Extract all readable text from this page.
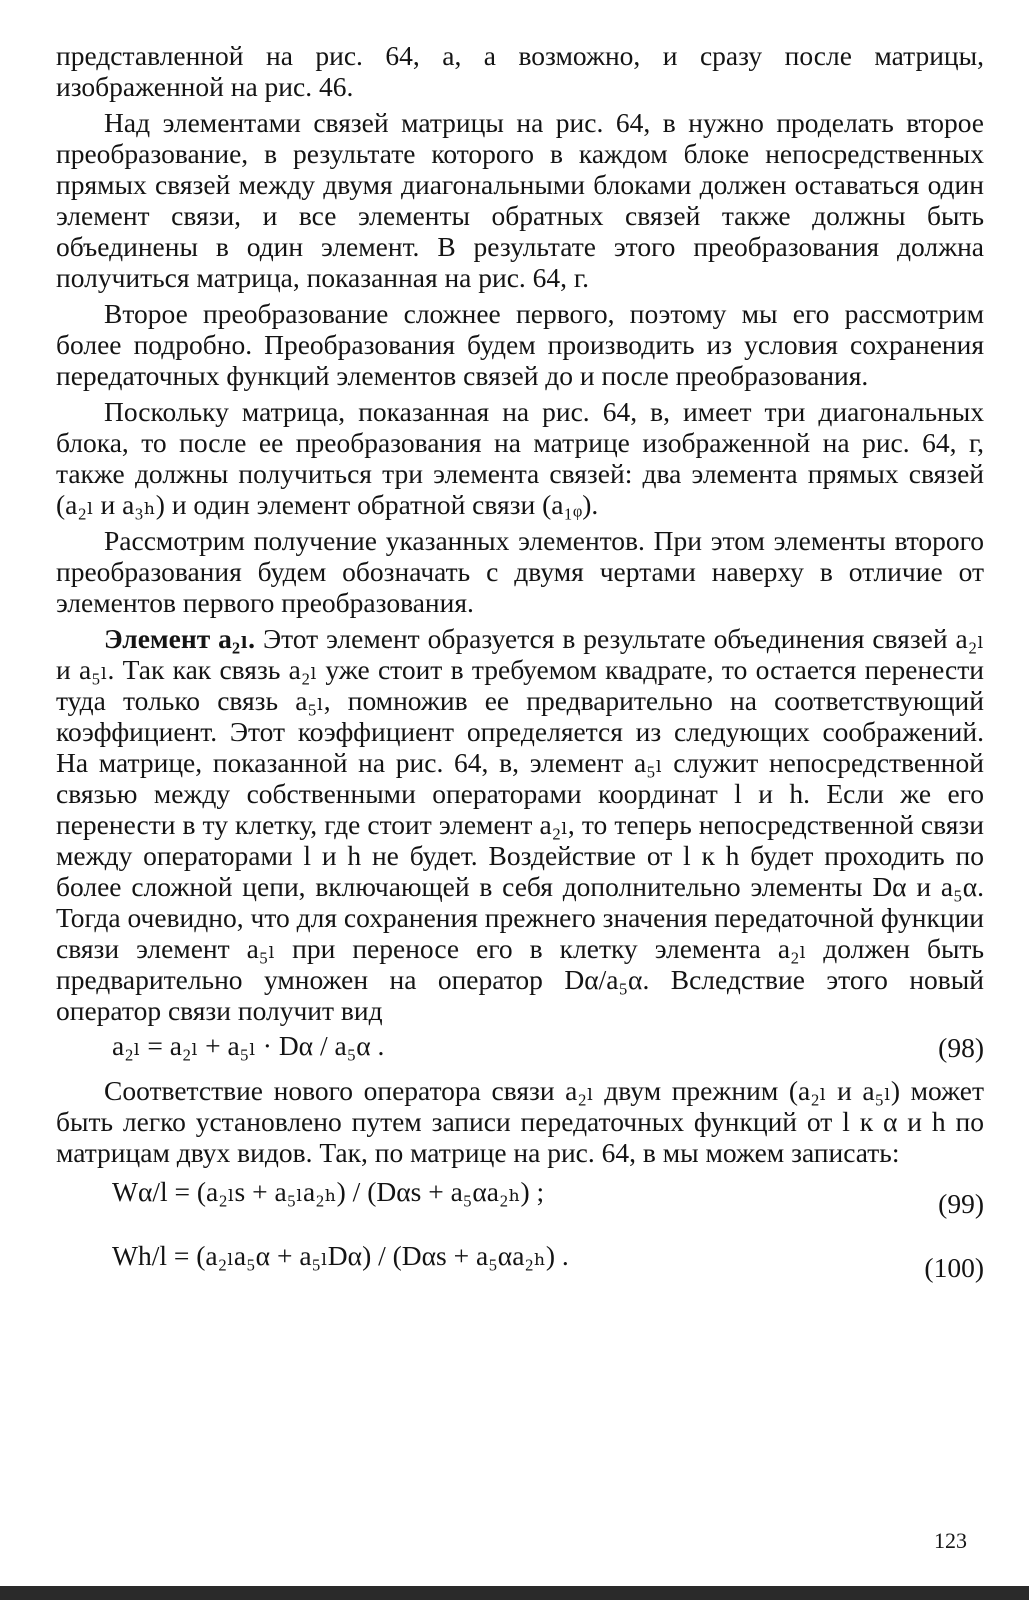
представленной на рис. 64, а, а возможно, и сразу после матрицы, изображенной на рис. 46.

Над элементами связей матрицы на рис. 64, в нужно проделать второе преобразование, в результате которого в каждом блоке непосредственных прямых связей между двумя диагональными блоками должен оставаться один элемент связи, и все элементы обратных связей также должны быть объединены в один элемент. В результате этого преобразования должна получиться матрица, показанная на рис. 64, г.

Второе преобразование сложнее первого, поэтому мы его рассмотрим более подробно. Преобразования будем производить из условия сохранения передаточных функций элементов связей до и после преобразования.

Поскольку матрица, показанная на рис. 64, в, имеет три диагональных блока, то после ее преобразования на матрице изображенной на рис. 64, г, также должны получиться три элемента связей: два элемента прямых связей (a₂ₗ и a₃ₕ) и один элемент обратной связи (a₁ᵩ).

Рассмотрим получение указанных элементов. При этом элементы второго преобразования будем обозначать с двумя чертами наверху в отличие от элементов первого преобразования.

Элемент a₂ₗ. Этот элемент образуется в результате объединения связей a₂ₗ и a₅ₗ. Так как связь a₂ₗ уже стоит в требуемом квадрате, то остается перенести туда только связь a₅ₗ, помножив ее предварительно на соответствующий коэффициент. Этот коэффициент определяется из следующих соображений. На матрице, показанной на рис. 64, в, элемент a₅ₗ служит непосредственной связью между собственными операторами координат l и h. Если же его перенести в ту клетку, где стоит элемент a₂ₗ, то теперь непосредственной связи между операторами l и h не будет. Воздействие от l к h будет проходить по более сложной цепи, включающей в себя дополнительно элементы Dα и a₅α. Тогда очевидно, что для сохранения прежнего значения передаточной функции связи элемент a₅ₗ при переносе его в клетку элемента a₂ₗ должен быть предварительно умножен на оператор Dα/a₅α. Вследствие этого новый оператор связи получит вид

a₂ₗ = a₂ₗ + a₅ₗ · Dα / a₅α .	(98)

Соответствие нового оператора связи a₂ₗ двум прежним (a₂ₗ и a₅ₗ) может быть легко установлено путем записи передаточных функций от l к α и h по матрицам двух видов. Так, по матрице на рис. 64, в мы можем записать:

Wα/l = (a₂ₗs + a₅ₗa₂ₕ) / (Dαs + a₅αa₂ₕ) ;	(99)
Wh/l = (a₂ₗa₅α + a₅ₗDα) / (Dαs + a₅αa₂ₕ) .	(100)
123
